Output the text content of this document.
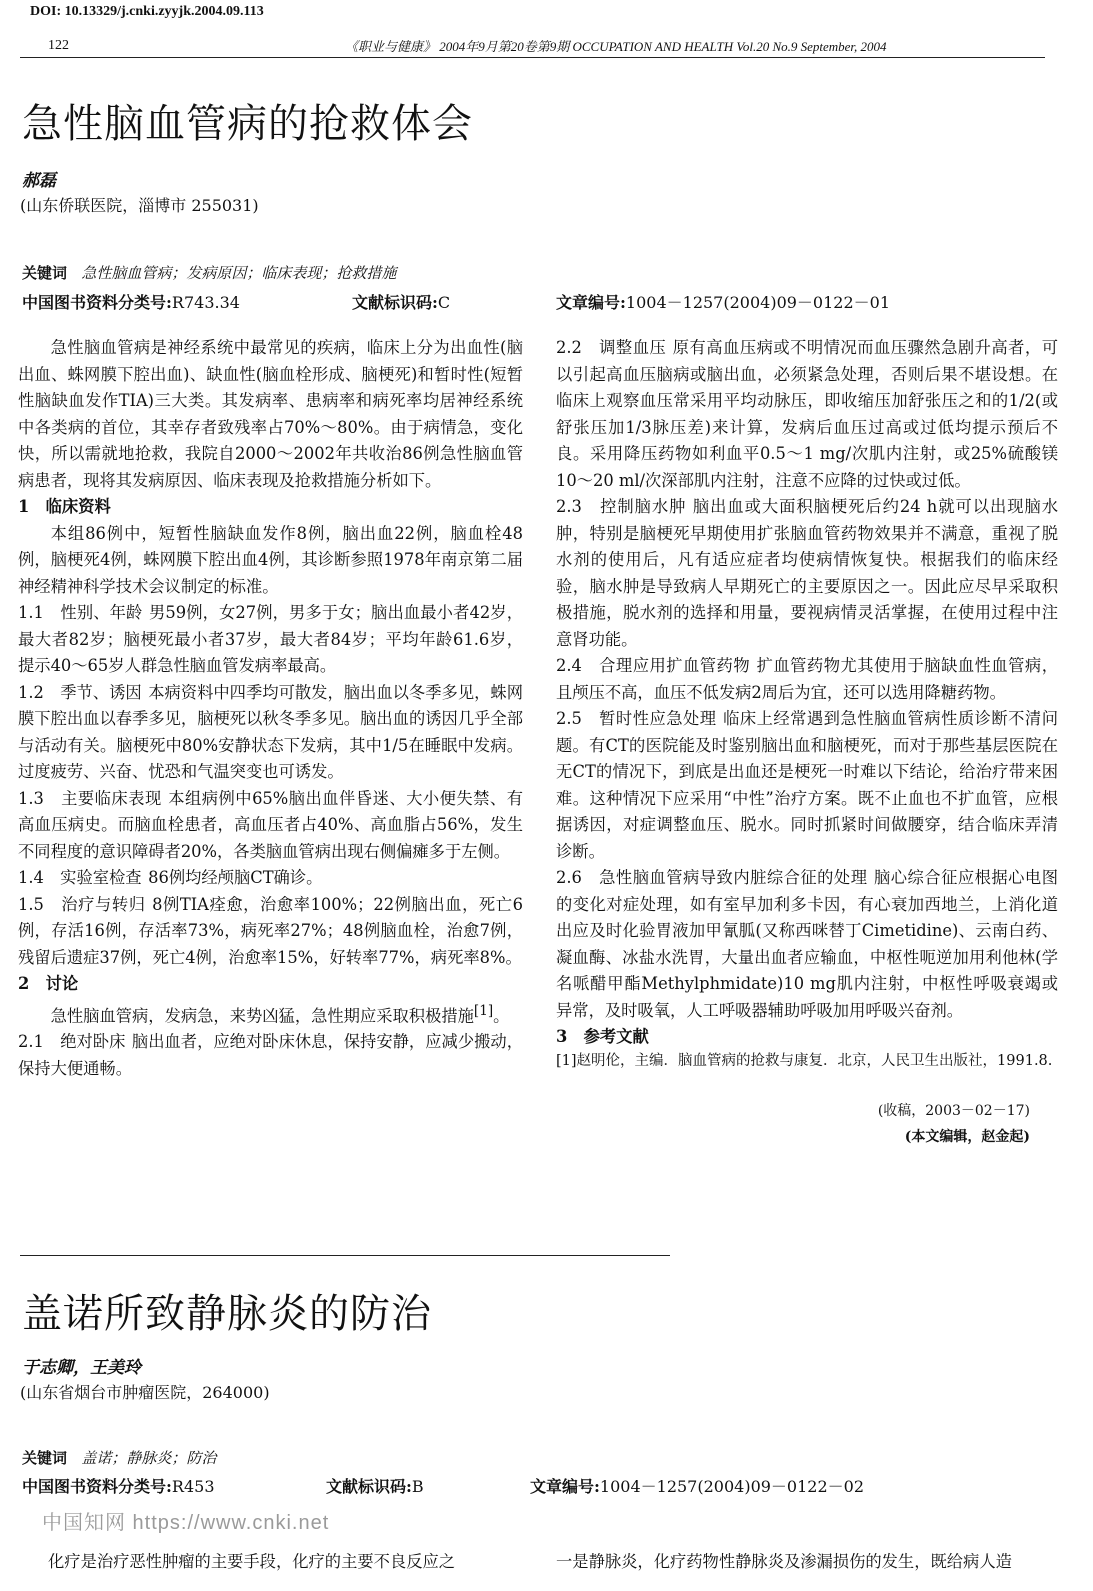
DOI: 10.13329/j.cnki.zyyjk.2004.09.113
122	《职业与健康》 2004年9月第20卷第9期 OCCUPATION AND HEALTH Vol.20 No.9 September, 2004
急性脑血管病的抢救体会
郝磊
(山东侨联医院，淄博市 255031)
关键词 急性脑血管病；发病原因；临床表现；抢救措施
中国图书资料分类号:R743.34	文献标识码:C	文章编号:1004－1257(2004)09－0122－01

急性脑血管病是神经系统中最常见的疾病，临床上分为出血性(脑出血、蛛网膜下腔出血)、缺血性(脑血栓形成、脑梗死)和暂时性(短暂性脑缺血发作TIA)三大类。其发病率、患病率和病死率均居神经系统中各类病的首位，其幸存者致残率占70%～80%。由于病情急，变化快，所以需就地抢救，我院自2000～2002年共收治86例急性脑血管病患者，现将其发病原因、临床表现及抢救措施分析如下。

1　临床资料

本组86例中，短暂性脑缺血发作8例，脑出血22例，脑血栓48例，脑梗死4例，蛛网膜下腔出血4例，其诊断参照1978年南京第二届神经精神科学技术会议制定的标准。

1.1　性别、年龄 男59例，女27例，男多于女；脑出血最小者42岁，最大者82岁；脑梗死最小者37岁，最大者84岁；平均年龄61.6岁，提示40～65岁人群急性脑血管发病率最高。

1.2　季节、诱因 本病资料中四季均可散发，脑出血以冬季多见，蛛网膜下腔出血以春季多见，脑梗死以秋冬季多见。脑出血的诱因几乎全部与活动有关。脑梗死中80%安静状态下发病，其中1/5在睡眠中发病。过度疲劳、兴奋、忧恐和气温突变也可诱发。

1.3　主要临床表现 本组病例中65%脑出血伴昏迷、大小便失禁、有高血压病史。而脑血栓患者，高血压者占40%、高血脂占56%，发生不同程度的意识障碍者20%，各类脑血管病出现右侧偏瘫多于左侧。

1.4　实验室检查 86例均经颅脑CT确诊。

1.5　治疗与转归 8例TIA痊愈，治愈率100%；22例脑出血，死亡6例，存活16例，存活率73%，病死率27%；48例脑血栓，治愈7例，残留后遗症37例，死亡4例，治愈率15%，好转率77%，病死率8%。

2　讨论

急性脑血管病，发病急，来势凶猛，急性期应采取积极措施[1]。

2.1　绝对卧床 脑出血者，应绝对卧床休息，保持安静，应减少搬动，保持大便通畅。

2.2　调整血压 原有高血压病或不明情况而血压骤然急剧升高者，可以引起高血压脑病或脑出血，必须紧急处理，否则后果不堪设想。在临床上观察血压常采用平均动脉压，即收缩压加舒张压之和的1/2(或舒张压加1/3脉压差)来计算，发病后血压过高或过低均提示预后不良。采用降压药物如利血平0.5～1 mg/次肌内注射，或25%硫酸镁10～20 ml/次深部肌内注射，注意不应降的过快或过低。

2.3　控制脑水肿 脑出血或大面积脑梗死后约24 h就可以出现脑水肿，特别是脑梗死早期使用扩张脑血管药物效果并不满意，重视了脱水剂的使用后，凡有适应症者均使病情恢复快。根据我们的临床经验，脑水肿是导致病人早期死亡的主要原因之一。因此应尽早采取积极措施，脱水剂的选择和用量，要视病情灵活掌握，在使用过程中注意肾功能。

2.4　合理应用扩血管药物 扩血管药物尤其使用于脑缺血性血管病，且颅压不高，血压不低发病2周后为宜，还可以选用降糖药物。

2.5　暂时性应急处理 临床上经常遇到急性脑血管病性质诊断不清问题。有CT的医院能及时鉴别脑出血和脑梗死，而对于那些基层医院在无CT的情况下，到底是出血还是梗死一时难以下结论，给治疗带来困难。这种情况下应采用“中性”治疗方案。既不止血也不扩血管，应根据诱因，对症调整血压、脱水。同时抓紧时间做腰穿，结合临床弄清诊断。

2.6　急性脑血管病导致内脏综合征的处理 脑心综合征应根据心电图的变化对症处理，如有室早加利多卡因，有心衰加西地兰，上消化道出应及时化验胃液加甲氰胍(又称西咪替丁Cimetidine)、云南白药、凝血酶、冰盐水洗胃，大量出血者应输血，中枢性呃逆加用利他林(学名哌醋甲酯Methylphmidate)10 mg肌内注射，中枢性呼吸衰竭或异常，及时吸氧，人工呼吸器辅助呼吸加用呼吸兴奋剂。

3　参考文献

[1]赵明伦，主编．脑血管病的抢救与康复．北京，人民卫生出版社，1991.8.

(收稿，2003－02－17)

(本文编辑，赵金起)

盖诺所致静脉炎的防治
于志卿，王美玲
(山东省烟台市肿瘤医院，264000)
关键词 盖诺；静脉炎；防治
中国图书资料分类号:R453	文献标识码:B	文章编号:1004－1257(2004)09－0122－02
化疗是治疗恶性肿瘤的主要手段，化疗的主要不良反应之	一是静脉炎，化疗药物性静脉炎及渗漏损伤的发生，既给病人造
中国知网 https://www.cnki.net
